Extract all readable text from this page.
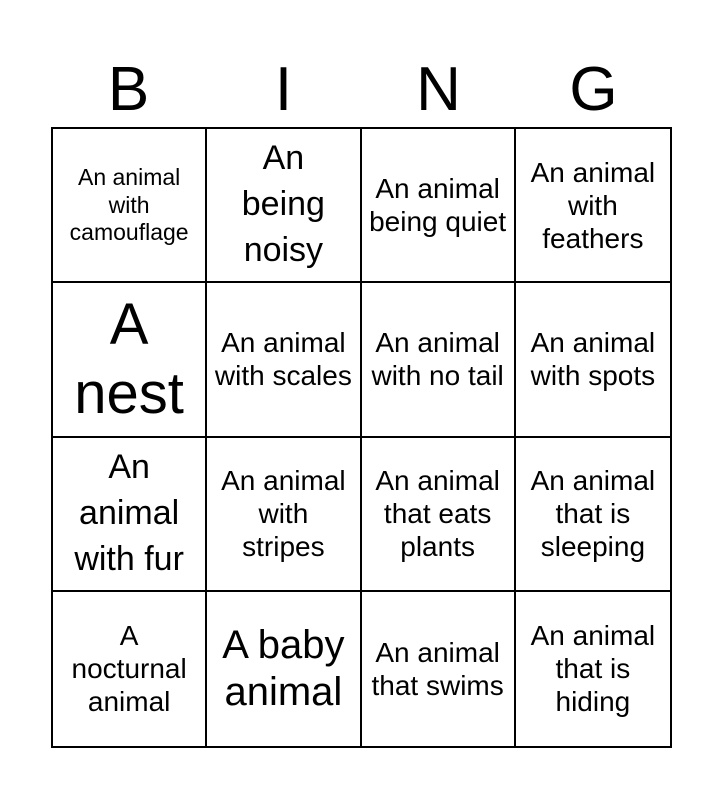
B	I	N	G
An animal with camouflage
An being noisy
An animal being quiet
An animal with feathers
A nest
An animal with scales
An animal with no tail
An animal with spots
An animal with fur
An animal with stripes
An animal that eats plants
An animal that is sleeping
A nocturnal animal
A baby animal
An animal that swims
An animal that is hiding
